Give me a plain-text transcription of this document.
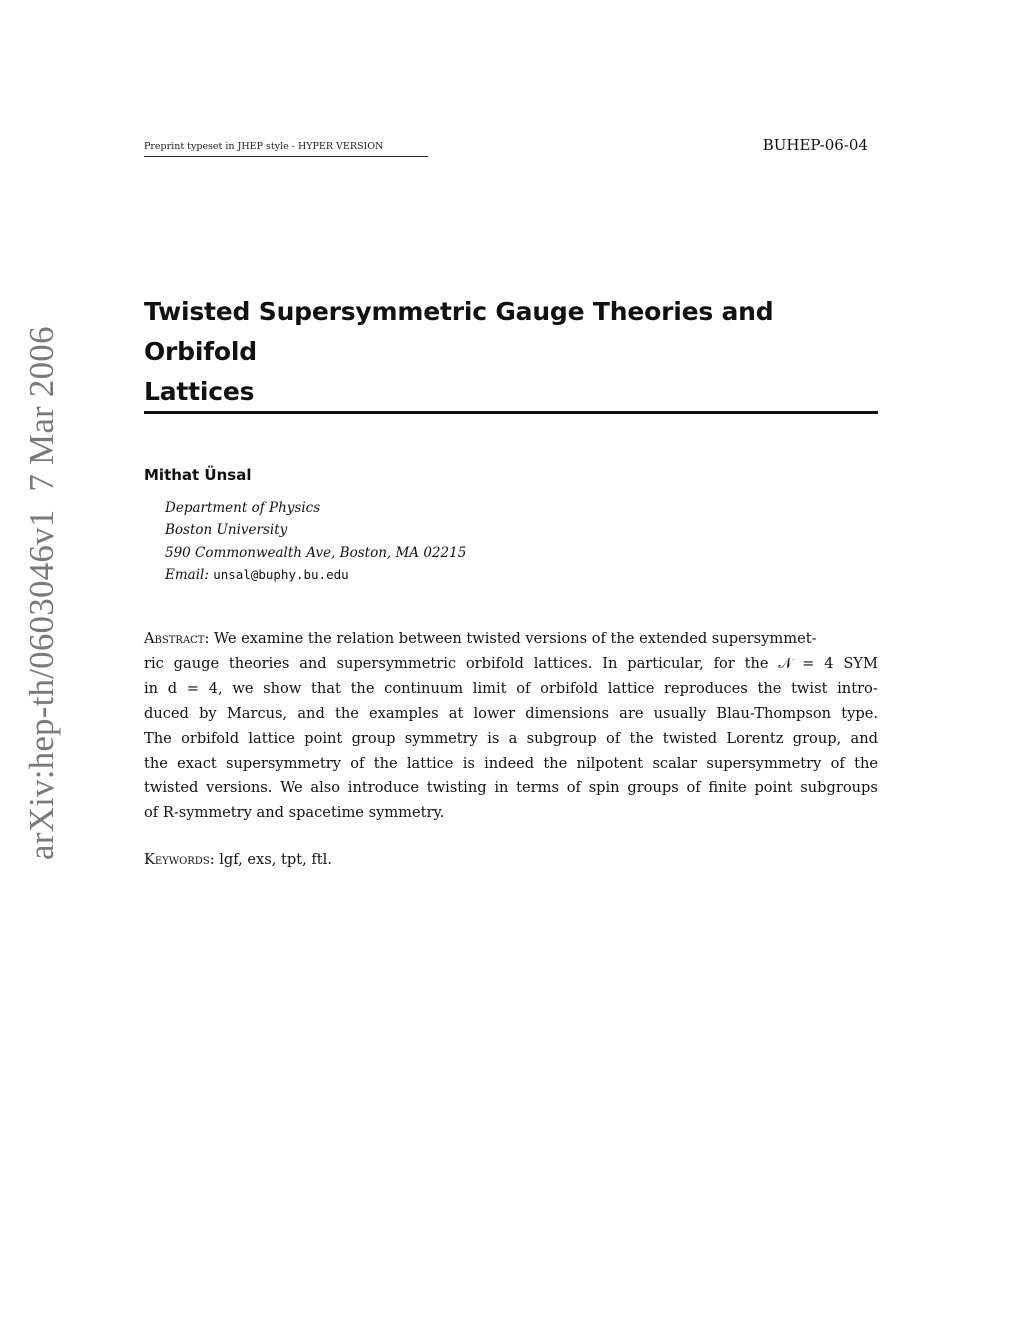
Preprint typeset in JHEP style - HYPER VERSION	BUHEP-06-04
Twisted Supersymmetric Gauge Theories and Orbifold
Lattices
Mithat Ünsal
Department of Physics
Boston University
590 Commonwealth Ave, Boston, MA 02215
Email: unsal@buphy.bu.edu
Abstract: We examine the relation between twisted versions of the extended supersymmet-
ric gauge theories and supersymmetric orbifold lattices. In particular, for the 𝒩 = 4 SYM
in d = 4, we show that the continuum limit of orbifold lattice reproduces the twist intro-
duced by Marcus, and the examples at lower dimensions are usually Blau-Thompson type.
The orbifold lattice point group symmetry is a subgroup of the twisted Lorentz group, and
the exact supersymmetry of the lattice is indeed the nilpotent scalar supersymmetry of the
twisted versions. We also introduce twisting in terms of spin groups of finite point subgroups
of R-symmetry and spacetime symmetry.
Keywords: lgf, exs, tpt, ftl.
arXiv:hep-th/0603046v1  7 Mar 2006
